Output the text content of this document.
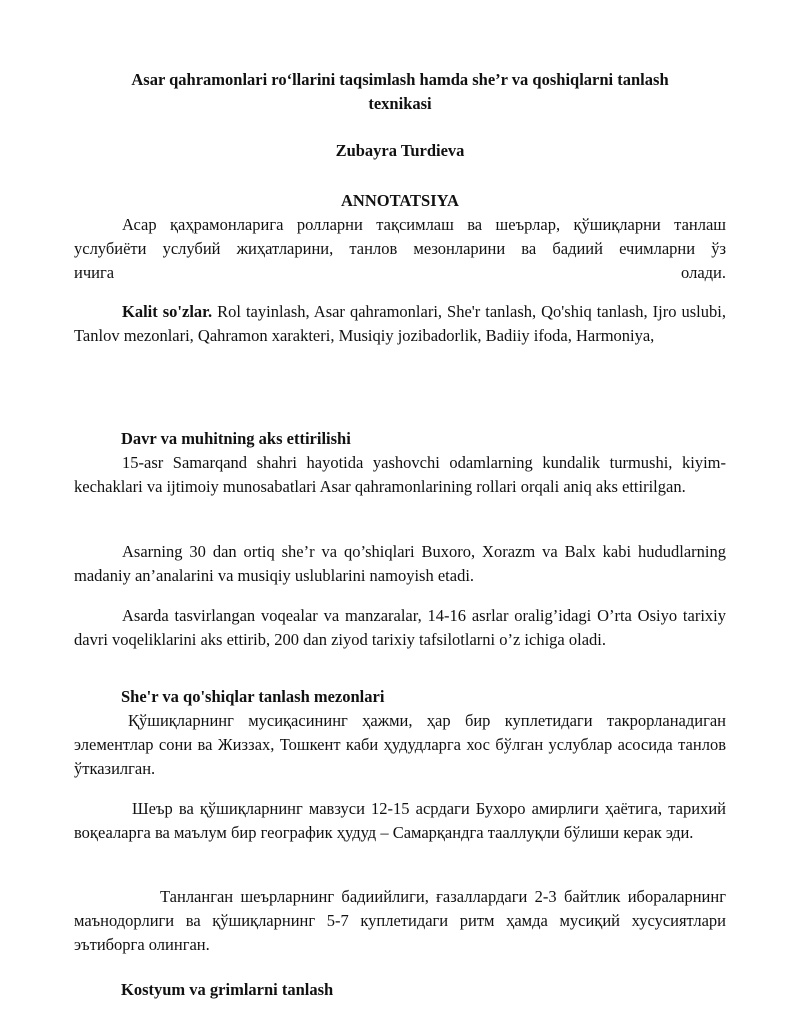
Asar qahramonlari ro‘llarini taqsimlash hamda she’r va qoshiqlarni tanlash
texnikasi

Zubayra Turdieva

ANNOTATSIYA

Асар қаҳрамонларига ролларни тақсимлаш ва шеърлар, қўшиқларни танлаш
услубиёти услубий жиҳатларини, танлов мезонларини ва бадиий ечимларни ўз
ичига	олади.

Kalit so'zlar. Rol tayinlash, Asar qahramonlari, She'r tanlash, Qo'shiq tanlash, Ijro uslubi, Tanlov mezonlari, Qahramon xarakteri, Musiqiy jozibadorlik, Badiiy ifoda, Harmoniya,

Davr va muhitning aks ettirilishi

15-asr Samarqand shahri hayotida yashovchi odamlarning kundalik turmushi, kiyim-kechaklari va ijtimoiy munosabatlari Asar qahramonlarining rollari orqali aniq aks ettirilgan.

Asarning 30 dan ortiq she’r va qo’shiqlari Buxoro, Xorazm va Balx kabi hududlarning madaniy an’analarini va musiqiy uslublarini namoyish etadi.

Asarda tasvirlangan voqealar va manzaralar, 14-16 asrlar oralig’idagi O’rta Osiyo tarixiy davri voqeliklarini aks ettirib, 200 dan ziyod tarixiy tafsilotlarni o’z ichiga oladi.

She'r va qo'shiqlar tanlash mezonlari

Қўшиқларнинг мусиқасининг ҳажми, ҳар бир куплетидаги такрорланадиган элементлар сони ва Жиззах, Тошкент каби ҳудудларга хос бўлган услублар асосида танлов ўтказилган.

Шеър ва қўшиқларнинг мавзуси 12-15 асрдаги Бухоро амирлиги ҳаётига, тарихий воқеаларга ва маълум бир географик ҳудуд – Самарқандга тааллуқли бўлиши керак эди.

Танланган шеърларнинг бадиийлиги, ғазаллардаги 2-3 байтлик ибораларнинг маънодорлиги ва қўшиқларнинг 5-7 куплетидаги ритм ҳамда мусиқий хусусиятлари эътиборга олинган.

Kostyum va grimlarni tanlash
